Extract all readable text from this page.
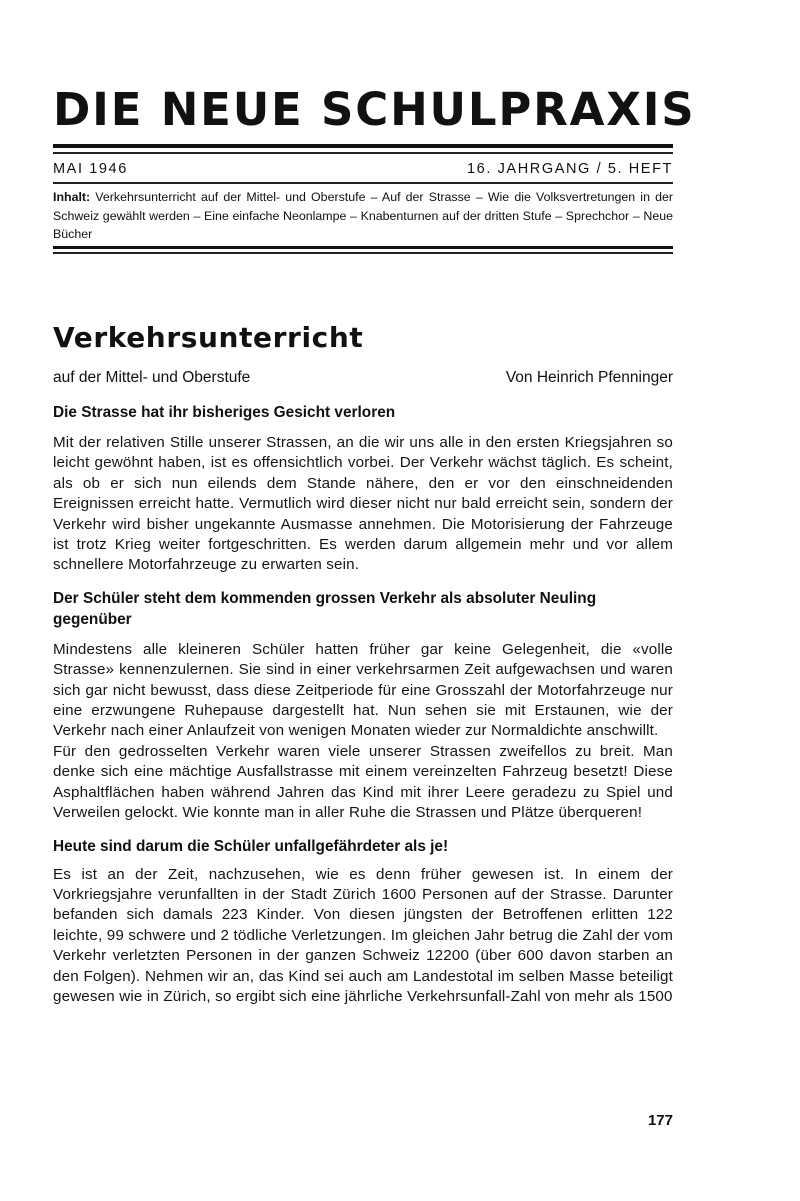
DIE NEUE SCHULPRAXIS
MAI 1946	16. JAHRGANG / 5. HEFT

Inhalt: Verkehrsunterricht auf der Mittel- und Oberstufe – Auf der Strasse – Wie die Volksvertretungen in der Schweiz gewählt werden – Eine einfache Neonlampe – Knabenturnen auf der dritten Stufe – Sprechchor – Neue Bücher

Verkehrsunterricht
auf der Mittel- und Oberstufe	Von Heinrich Pfenninger
Die Strasse hat ihr bisheriges Gesicht verloren

Mit der relativen Stille unserer Strassen, an die wir uns alle in den ersten Kriegsjahren so leicht gewöhnt haben, ist es offensichtlich vorbei. Der Verkehr wächst täglich. Es scheint, als ob er sich nun eilends dem Stande nähere, den er vor den einschneidenden Ereignissen erreicht hatte. Vermutlich wird dieser nicht nur bald erreicht sein, sondern der Verkehr wird bisher ungekannte Ausmasse annehmen. Die Motorisierung der Fahrzeuge ist trotz Krieg weiter fortgeschritten. Es werden darum allgemein mehr und vor allem schnellere Motorfahrzeuge zu erwarten sein.

Der Schüler steht dem kommenden grossen Verkehr als absoluter Neuling gegenüber

Mindestens alle kleineren Schüler hatten früher gar keine Gelegenheit, die «volle Strasse» kennenzulernen. Sie sind in einer verkehrsarmen Zeit aufgewachsen und waren sich gar nicht bewusst, dass diese Zeitperiode für eine Grosszahl der Motorfahrzeuge nur eine erzwungene Ruhepause dargestellt hat. Nun sehen sie mit Erstaunen, wie der Verkehr nach einer Anlaufzeit von wenigen Monaten wieder zur Normaldichte anschwillt.

Für den gedrosselten Verkehr waren viele unserer Strassen zweifellos zu breit. Man denke sich eine mächtige Ausfallstrasse mit einem vereinzelten Fahrzeug besetzt! Diese Asphaltflächen haben während Jahren das Kind mit ihrer Leere geradezu zu Spiel und Verweilen gelockt. Wie konnte man in aller Ruhe die Strassen und Plätze überqueren!

Heute sind darum die Schüler unfallgefährdeter als je!

Es ist an der Zeit, nachzusehen, wie es denn früher gewesen ist. In einem der Vorkriegsjahre verunfallten in der Stadt Zürich 1600 Personen auf der Strasse. Darunter befanden sich damals 223 Kinder. Von diesen jüngsten der Betroffenen erlitten 122 leichte, 99 schwere und 2 tödliche Verletzungen. Im gleichen Jahr betrug die Zahl der vom Verkehr verletzten Personen in der ganzen Schweiz 12200 (über 600 davon starben an den Folgen). Nehmen wir an, das Kind sei auch am Landestotal im selben Masse beteiligt gewesen wie in Zürich, so ergibt sich eine jährliche Verkehrsunfall-Zahl von mehr als 1500

177
